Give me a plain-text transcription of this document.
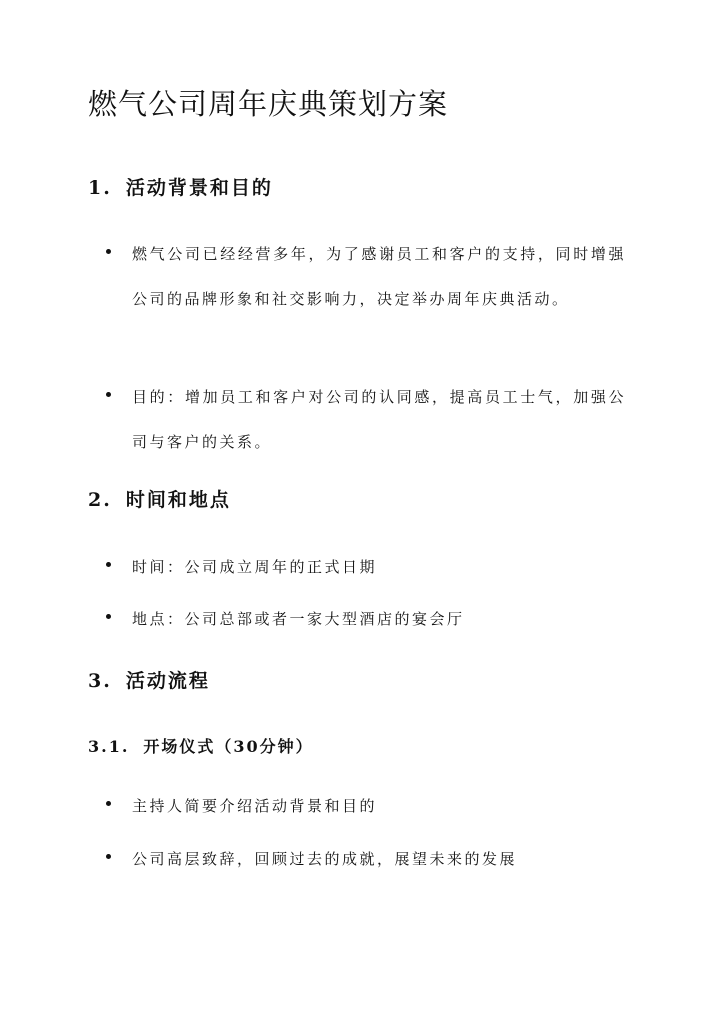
燃气公司周年庆典策划方案
1. 活动背景和目的

燃气公司已经经营多年，为了感谢员工和客户的支持，同时增强公司的品牌形象和社交影响力，决定举办周年庆典活动。

目的：增加员工和客户对公司的认同感，提高员工士气，加强公司与客户的关系。

2. 时间和地点

时间：公司成立周年的正式日期

地点：公司总部或者一家大型酒店的宴会厅

3. 活动流程
3.1. 开场仪式（30分钟）

主持人简要介绍活动背景和目的

公司高层致辞，回顾过去的成就，展望未来的发展
